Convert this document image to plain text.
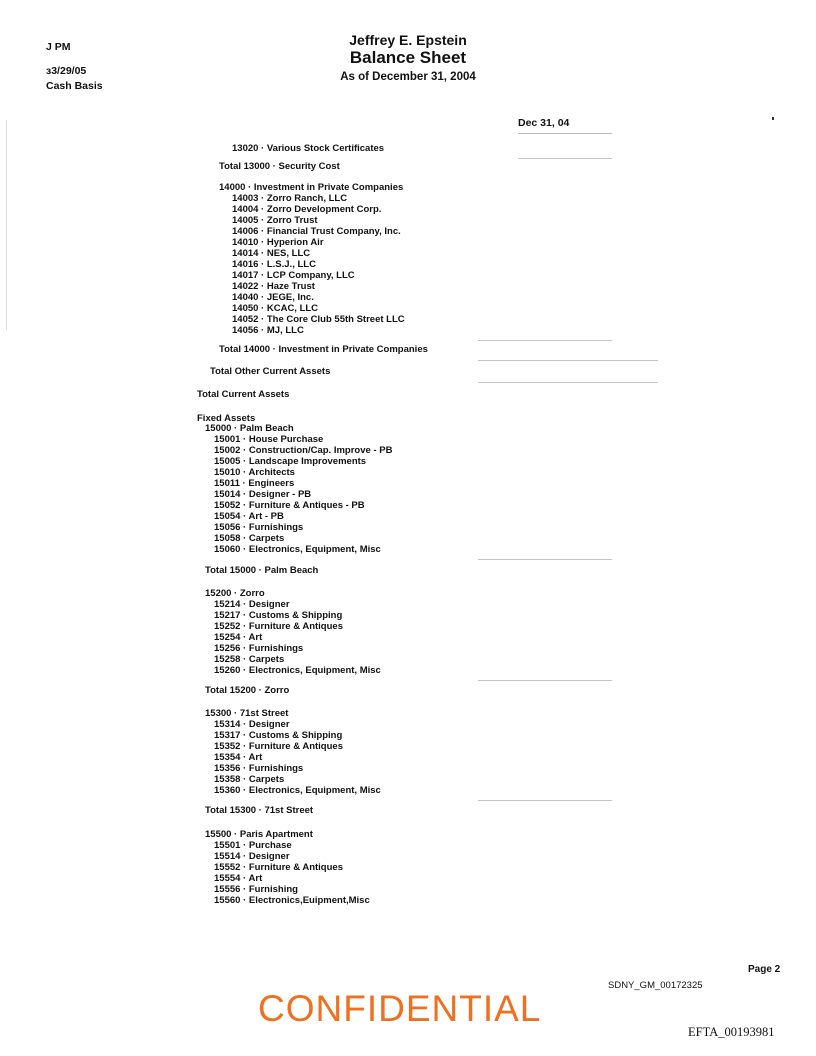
J PM
ɜ3/29/05
Cash Basis
Jeffrey E. Epstein
Balance Sheet
As of December 31, 2004
Dec 31, 04
13020 · Various Stock Certificates
Total 13000 · Security Cost
14000 · Investment in Private Companies
14003 · Zorro Ranch, LLC
14004 · Zorro Development Corp.
14005 · Zorro Trust
14006 · Financial Trust Company, Inc.
14010 · Hyperion Air
14014 · NES, LLC
14016 · L.S.J., LLC
14017 · LCP Company, LLC
14022 · Haze Trust
14040 · JEGE, Inc.
14050 · KCAC, LLC
14052 · The Core Club 55th Street LLC
14056 · MJ, LLC
Total 14000 · Investment in Private Companies
Total Other Current Assets
Total Current Assets
Fixed Assets
15000 · Palm Beach
15001 · House Purchase
15002 · Construction/Cap. Improve - PB
15005 · Landscape Improvements
15010 · Architects
15011 · Engineers
15014 · Designer - PB
15052 · Furniture & Antiques - PB
15054 · Art - PB
15056 · Furnishings
15058 · Carpets
15060 · Electronics, Equipment, Misc
Total 15000 · Palm Beach
15200 · Zorro
15214 · Designer
15217 · Customs & Shipping
15252 · Furniture & Antiques
15254 · Art
15256 · Furnishings
15258 · Carpets
15260 · Electronics, Equipment, Misc
Total 15200 · Zorro
15300 · 71st Street
15314 · Designer
15317 · Customs & Shipping
15352 · Furniture & Antiques
15354 · Art
15356 · Furnishings
15358 · Carpets
15360 · Electronics, Equipment, Misc
Total 15300 · 71st Street
15500 · Paris Apartment
15501 · Purchase
15514 · Designer
15552 · Furniture & Antiques
15554 · Art
15556 · Furnishing
15560 · Electronics,Euipment,Misc
Page 2
SDNY_GM_00172325
CONFIDENTIAL
EFTA_00193981
